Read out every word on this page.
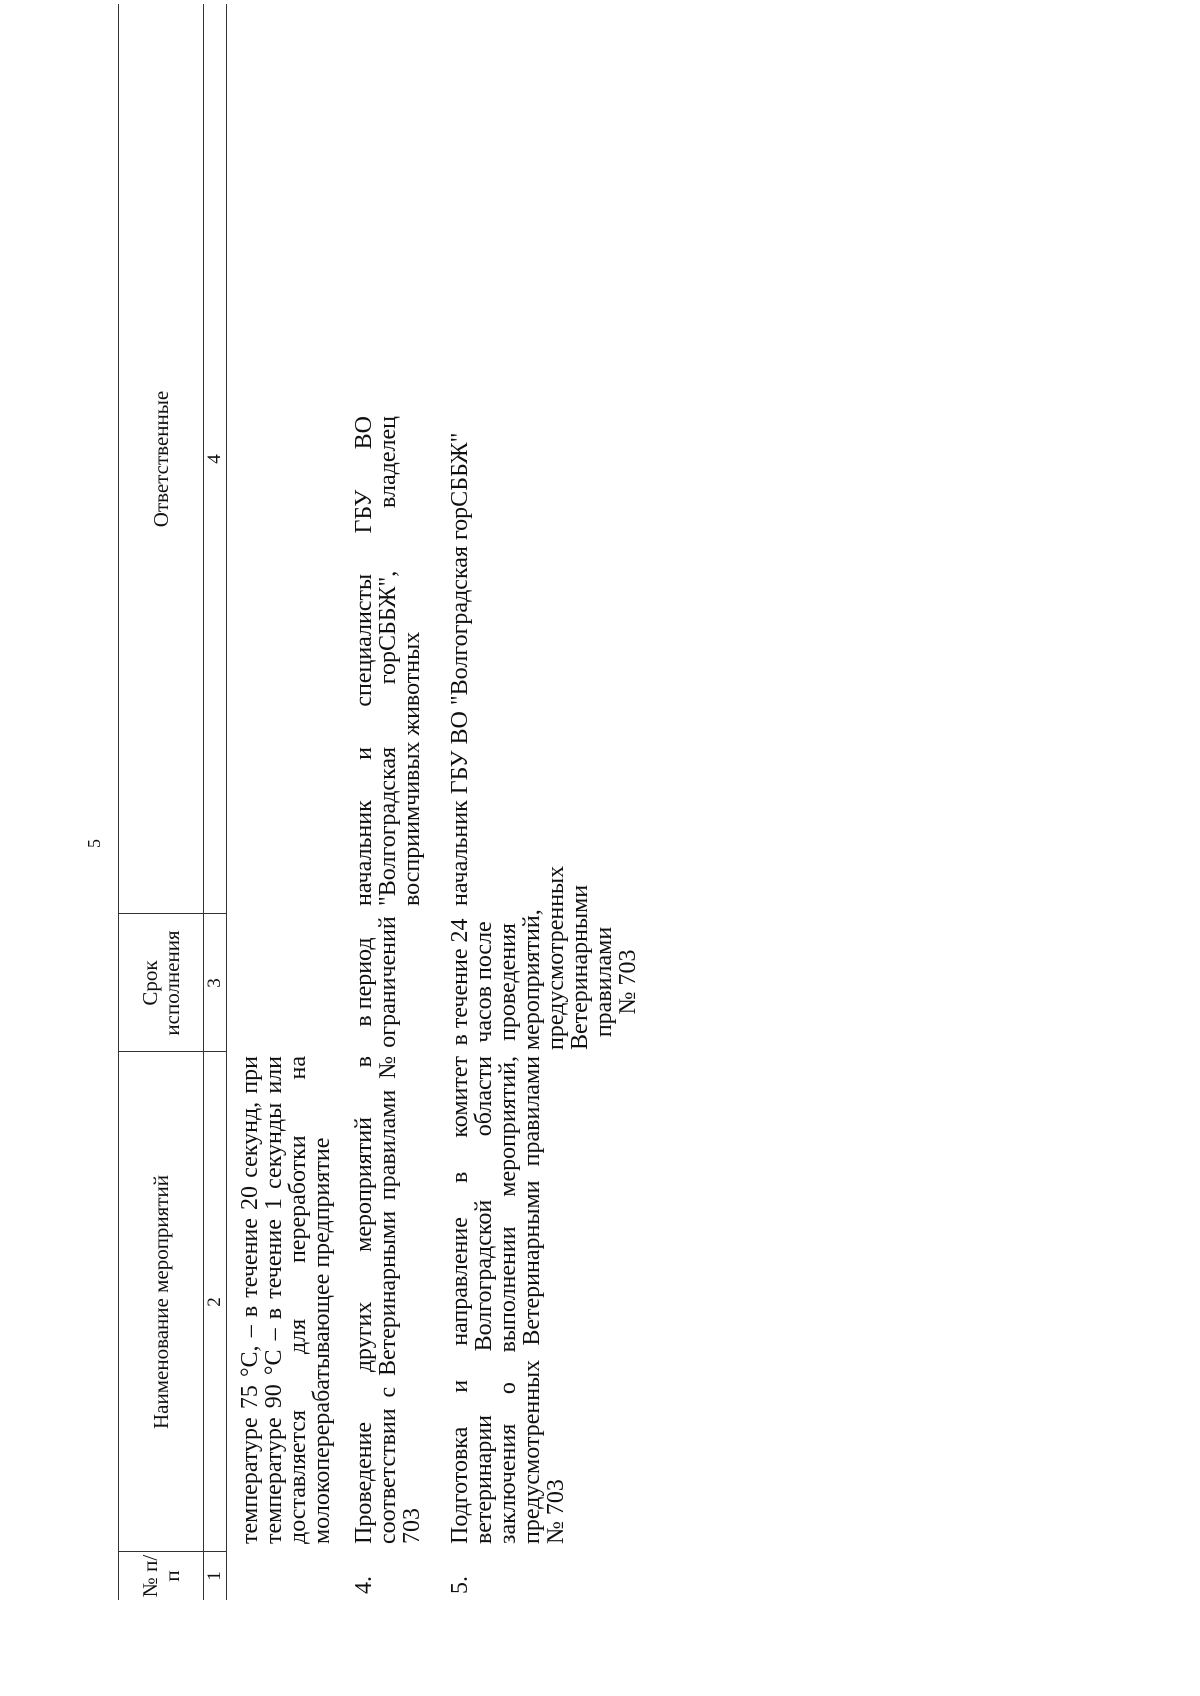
5
№ п/п
Наименование мероприятий
Срок исполнения
Ответственные
1
2
3
4
температуре 75 °С, – в течение 20 секунд, при температуре 90 °С – в течение 1 секунды или доставляется для переработки на молокоперерабатывающее предприятие
4.
Проведение других мероприятий в соответствии с Ветеринарными правилами № 703
в период ограничений
начальник и специалисты ГБУ ВО "Волгоградская горСББЖ", владелец восприимчивых животных
5.
Подготовка и направление в комитет ветеринарии Волгоградской области заключения о выполнении мероприятий, предусмотренных Ветеринарными правилами № 703
в течение 24 часов после проведения мероприятий, предусмотренных Ветеринарными правилами № 703
начальник ГБУ ВО "Волгоградская горСББЖ"
